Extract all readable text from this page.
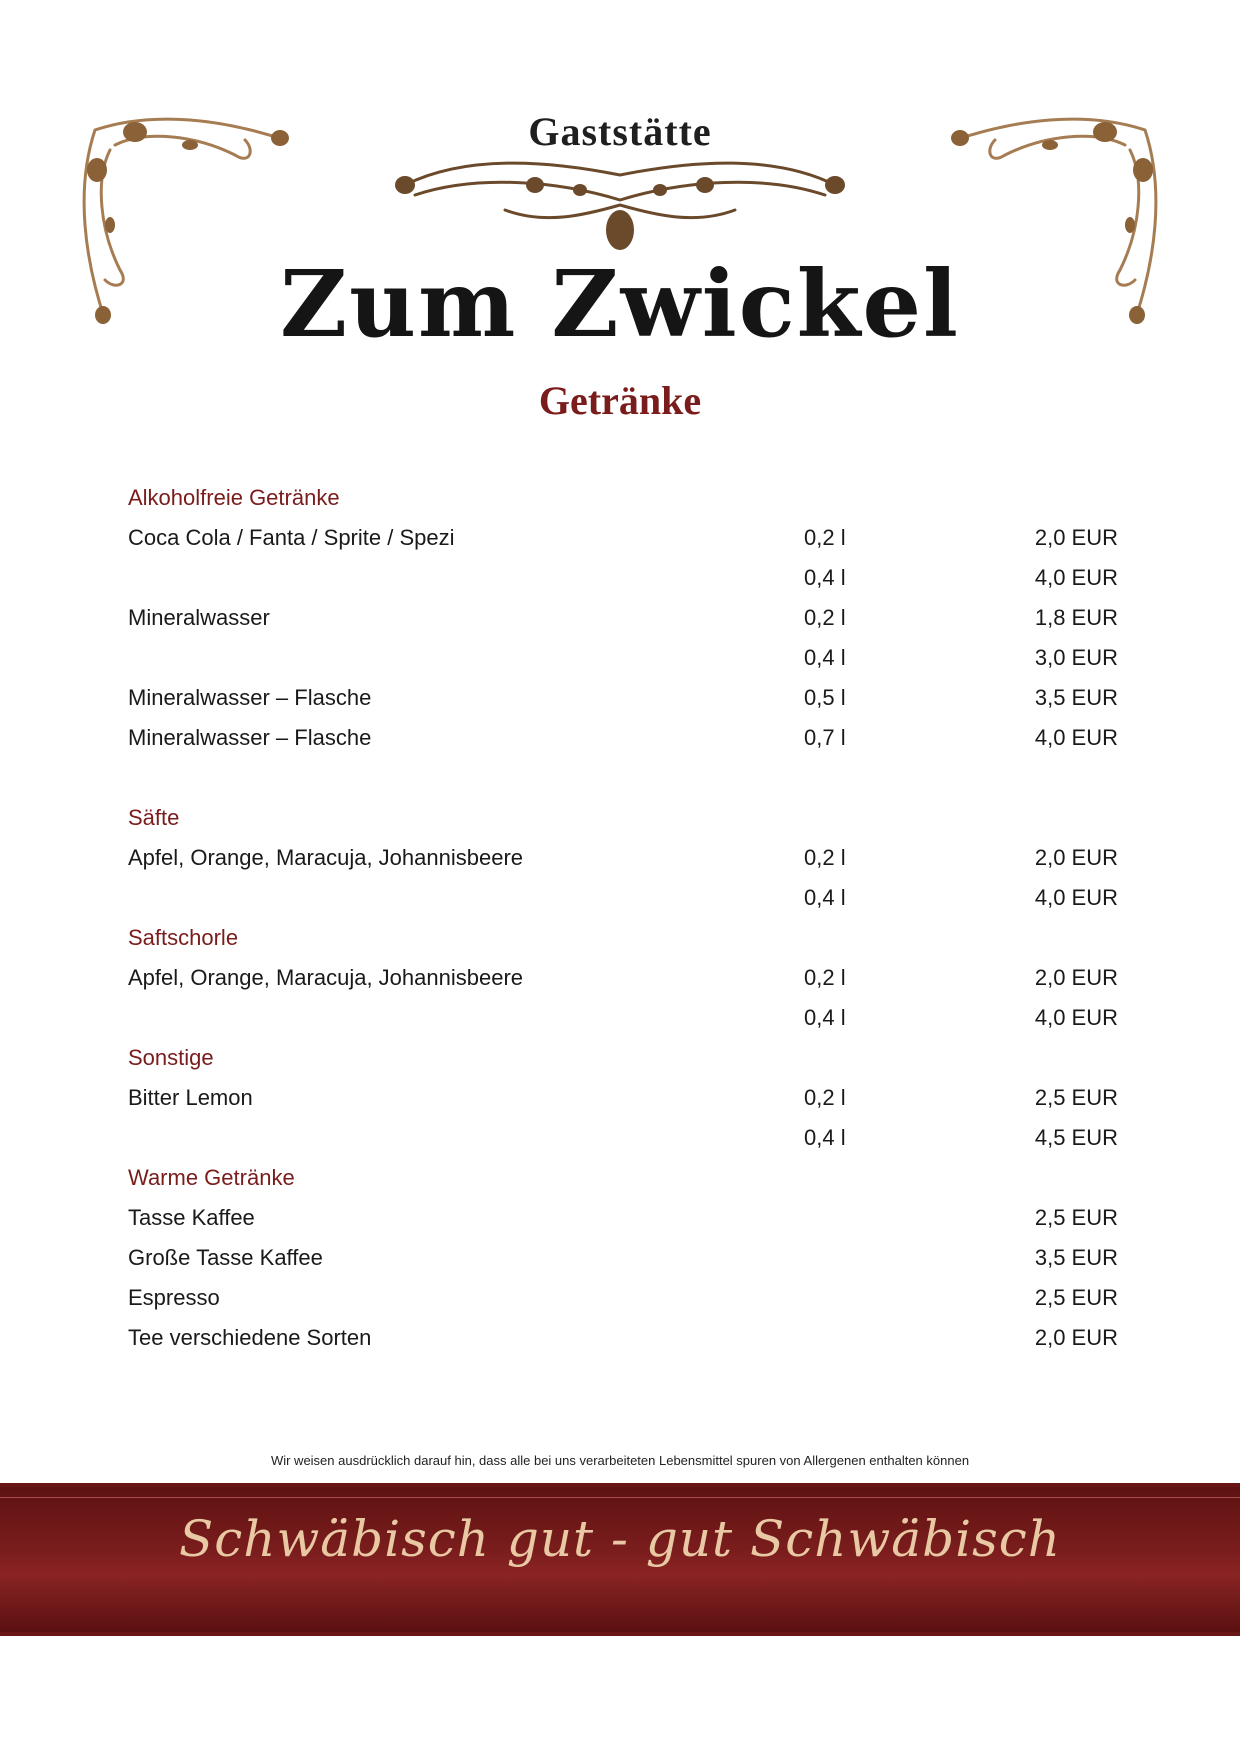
Gaststätte
Zum Zwickel
Getränke
Alkoholfreie Getränke
Coca Cola / Fanta / Sprite / Spezi	0,2 l	2,0 EUR
0,4 l	4,0 EUR
Mineralwasser	0,2 l	1,8 EUR
0,4 l	3,0 EUR
Mineralwasser – Flasche	0,5 l	3,5 EUR
Mineralwasser – Flasche	0,7 l	4,0 EUR
Säfte
Apfel, Orange, Maracuja, Johannisbeere	0,2 l	2,0 EUR
0,4 l	4,0 EUR
Saftschorle
Apfel, Orange, Maracuja, Johannisbeere	0,2 l	2,0 EUR
0,4 l	4,0 EUR
Sonstige
Bitter Lemon	0,2 l	2,5 EUR
0,4 l	4,5 EUR
Warme Getränke
Tasse Kaffee	2,5 EUR
Große Tasse Kaffee	3,5 EUR
Espresso	2,5 EUR
Tee verschiedene Sorten	2,0 EUR
Wir weisen ausdrücklich darauf hin, dass alle bei uns verarbeiteten Lebensmittel spuren von Allergenen enthalten können
Schwäbisch gut - gut Schwäbisch
